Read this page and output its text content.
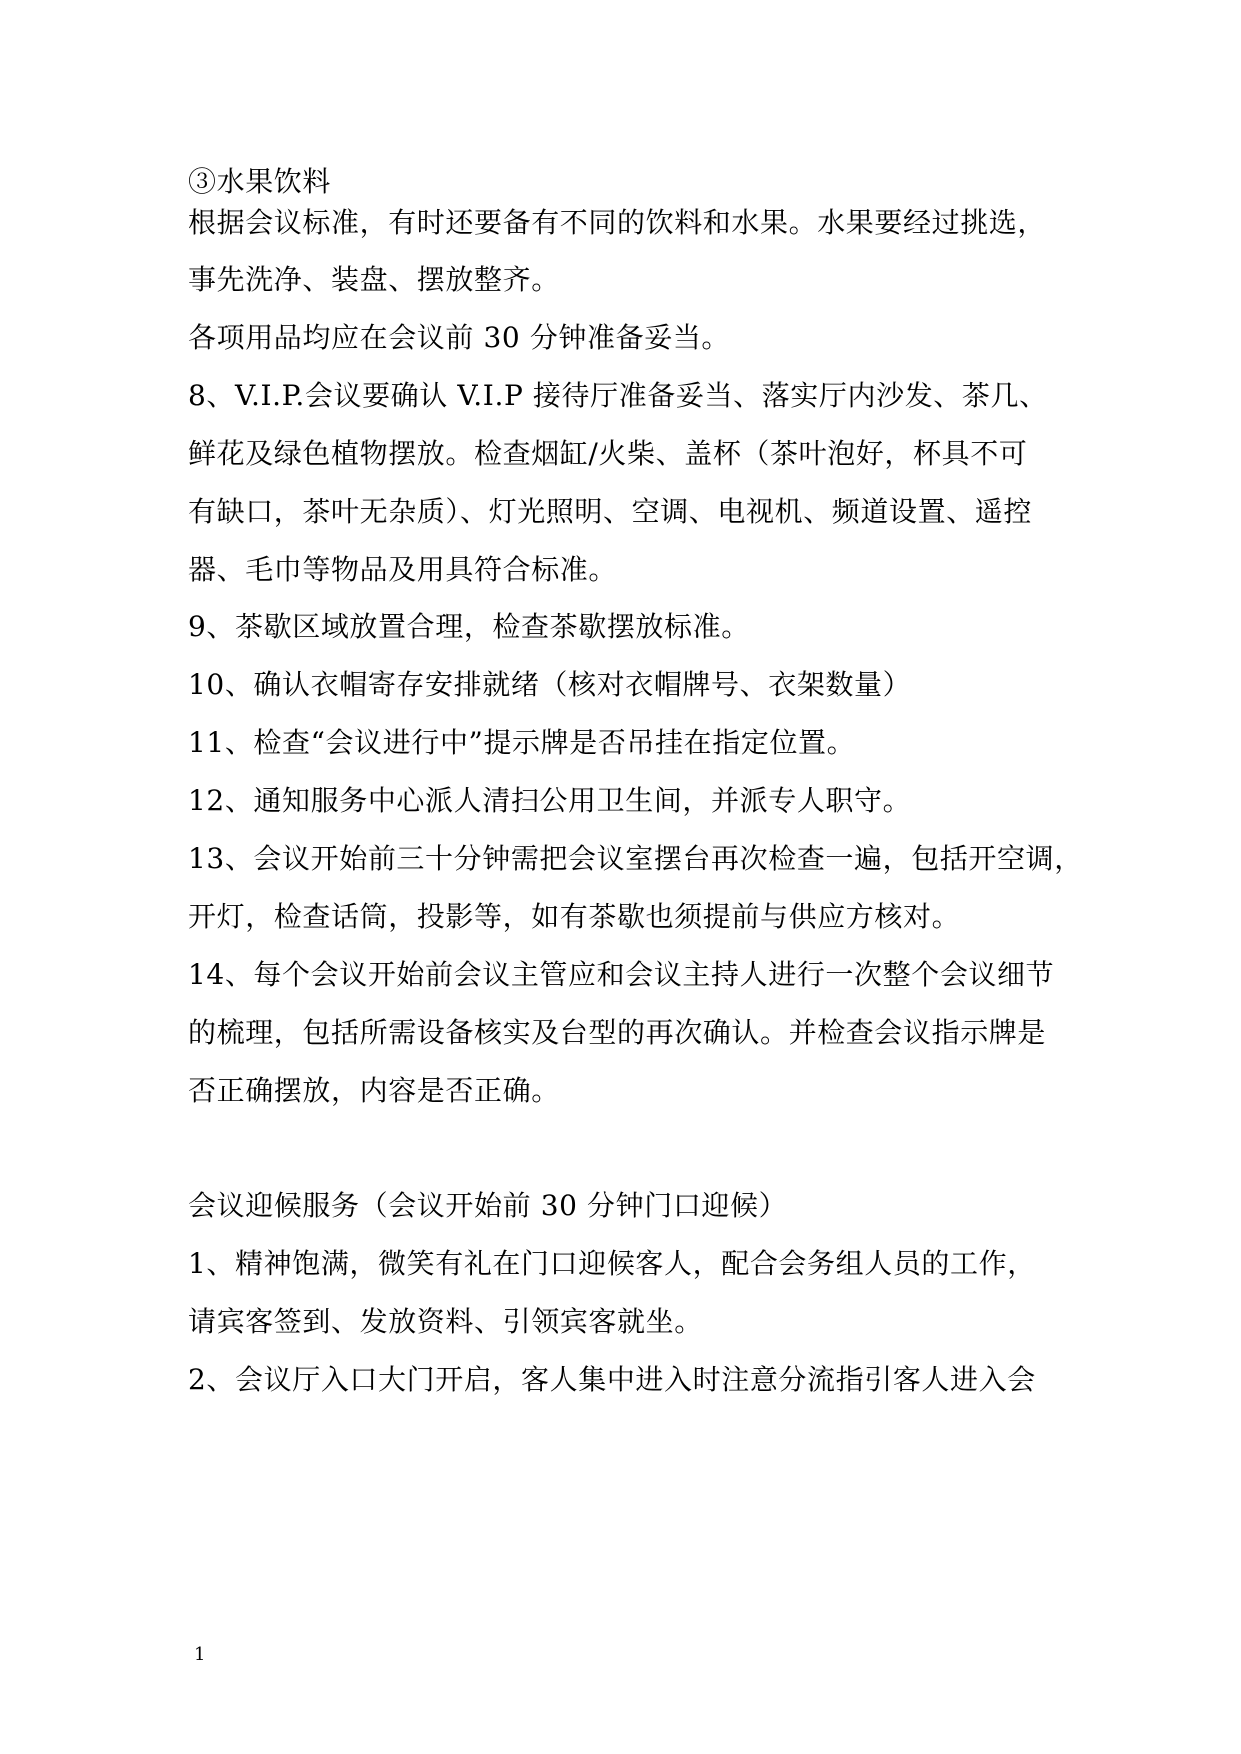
③水果饮料
根据会议标准，有时还要备有不同的饮料和水果。水果要经过挑选，
事先洗净、装盘、摆放整齐。
各项用品均应在会议前 30 分钟准备妥当。
8、V.I.P.会议要确认 V.I.P 接待厅准备妥当、落实厅内沙发、茶几、
鲜花及绿色植物摆放。检查烟缸/火柴、盖杯（茶叶泡好，杯具不可
有缺口，茶叶无杂质）、灯光照明、空调、电视机、频道设置、遥控
器、毛巾等物品及用具符合标准。
9、茶歇区域放置合理，检查茶歇摆放标准。
10、确认衣帽寄存安排就绪（核对衣帽牌号、衣架数量）
11、检查“会议进行中”提示牌是否吊挂在指定位置。
12、通知服务中心派人清扫公用卫生间，并派专人职守。
13、会议开始前三十分钟需把会议室摆台再次检查一遍，包括开空调，
开灯，检查话筒，投影等，如有茶歇也须提前与供应方核对。
14、每个会议开始前会议主管应和会议主持人进行一次整个会议细节
的梳理，包括所需设备核实及台型的再次确认。并检查会议指示牌是
否正确摆放，内容是否正确。
会议迎候服务（会议开始前 30 分钟门口迎候）
1、精神饱满，微笑有礼在门口迎候客人，配合会务组人员的工作，
请宾客签到、发放资料、引领宾客就坐。
2、会议厅入口大门开启，客人集中进入时注意分流指引客人进入会
1
